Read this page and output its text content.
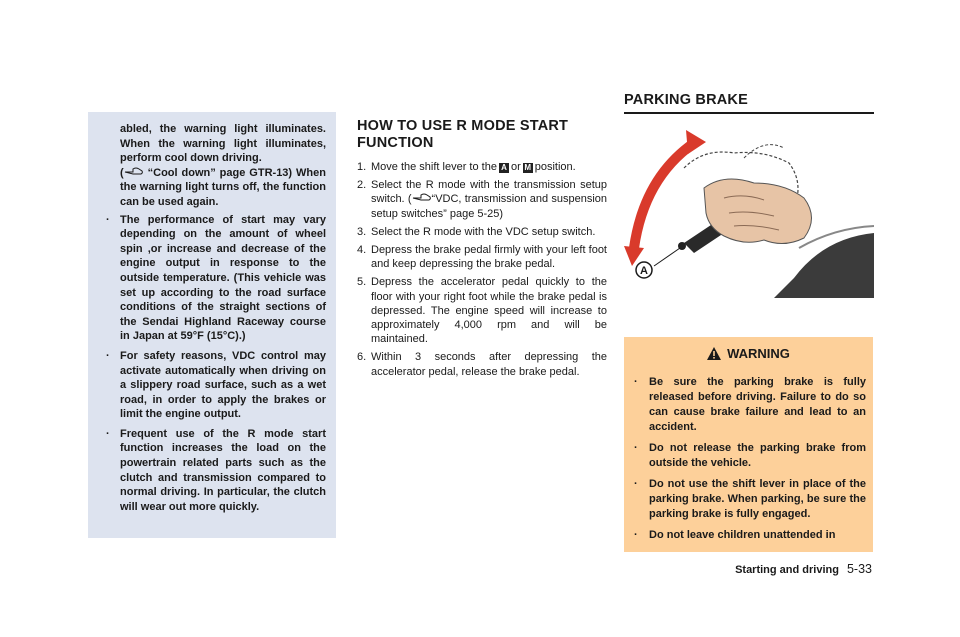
abled, the warning light illuminates. When the warning light illuminates, perform cool down driving.
( “Cool down” page GTR-13) When the warning light turns off, the function can be used again.

. The performance of start may vary depending on the amount of wheel spin ,or increase and decrease of the engine output in response to the outside temperature. (This vehicle was set up according to the road surface conditions of the straight sections of the Sendai Highland Raceway course in Japan at 59°F (15°C).)
. For safety reasons, VDC control may activate automatically when driving on a slippery road surface, such as a wet road, in order to apply the brakes or limit the engine output.
. Frequent use of the R mode start function increases the load on the powertrain related parts such as the clutch and transmission compared to normal driving. In particular, the clutch will wear out more quickly.
HOW TO USE R MODE START FUNCTION
1. Move the shift lever to the A or M position.
2. Select the R mode with the transmission setup switch. ( “VDC, transmission and suspension setup switches” page 5-25)
3. Select the R mode with the VDC setup switch.
4. Depress the brake pedal firmly with your left foot and keep depressing the brake pedal.
5. Depress the accelerator pedal quickly to the floor with your right foot while the brake pedal is depressed. The engine speed will increase to approximately 4,000 rpm and will be maintained.
6. Within 3 seconds after depressing the accelerator pedal, release the brake pedal.
PARKING BRAKE
A
WARNING
. Be sure the parking brake is fully released before driving. Failure to do so can cause brake failure and lead to an accident.
. Do not release the parking brake from outside the vehicle.
. Do not use the shift lever in place of the parking brake. When parking, be sure the parking brake is fully engaged.
. Do not leave children unattended in
Starting and driving 5-33
